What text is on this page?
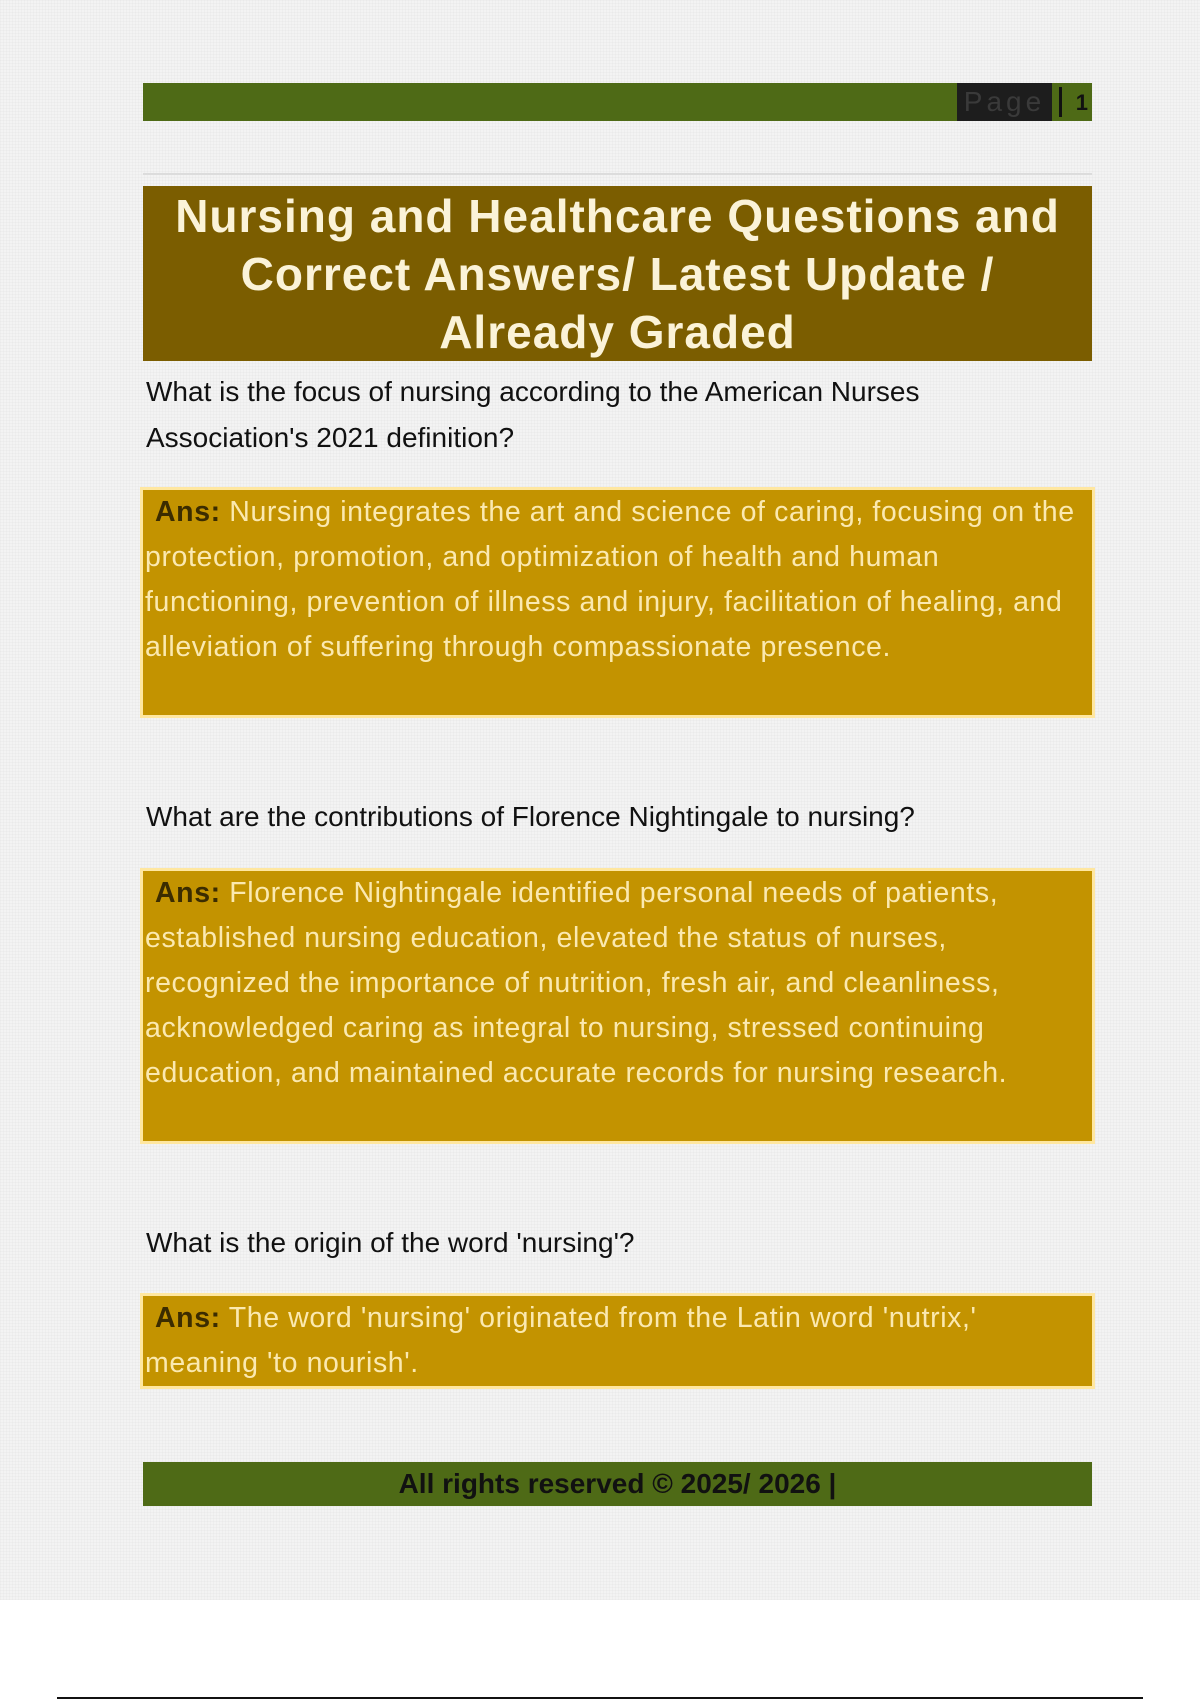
Page	1
Nursing and Healthcare Questions and Correct Answers/ Latest Update / Already Graded

What is the focus of nursing according to the American Nurses Association's 2021 definition?

Ans: Nursing integrates the art and science of caring, focusing on the protection, promotion, and optimization of health and human functioning, prevention of illness and injury, facilitation of healing, and alleviation of suffering through compassionate presence.

What are the contributions of Florence Nightingale to nursing?

Ans: Florence Nightingale identified personal needs of patients, established nursing education, elevated the status of nurses, recognized the importance of nutrition, fresh air, and cleanliness, acknowledged caring as integral to nursing, stressed continuing education, and maintained accurate records for nursing research.

What is the origin of the word 'nursing'?

Ans: The word 'nursing' originated from the Latin word 'nutrix,' meaning 'to nourish'.
All rights reserved © 2025/ 2026 |
